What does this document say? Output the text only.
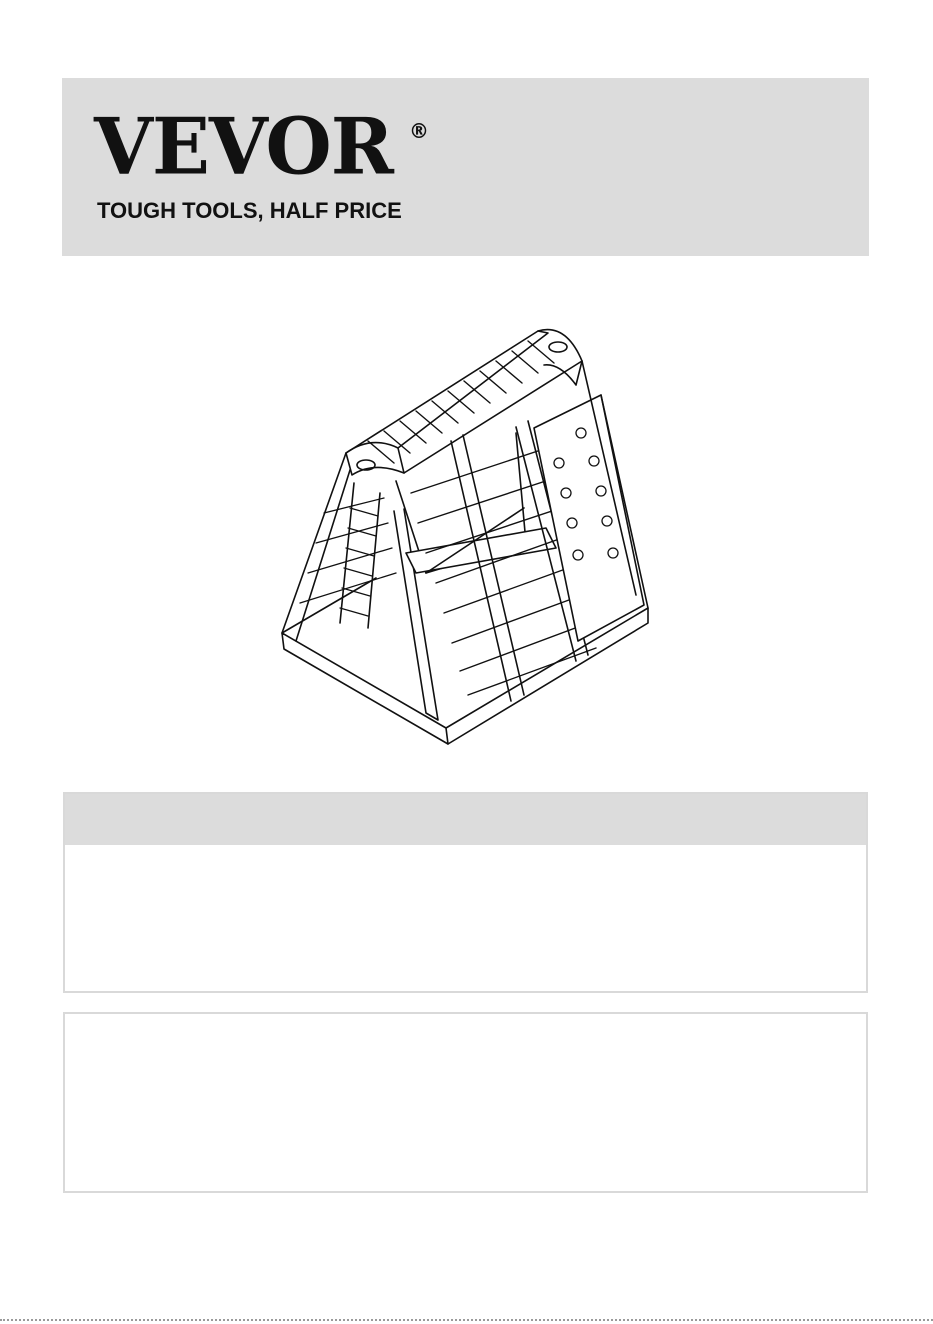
VEVOR ®
TOUGH TOOLS, HALF PRICE
